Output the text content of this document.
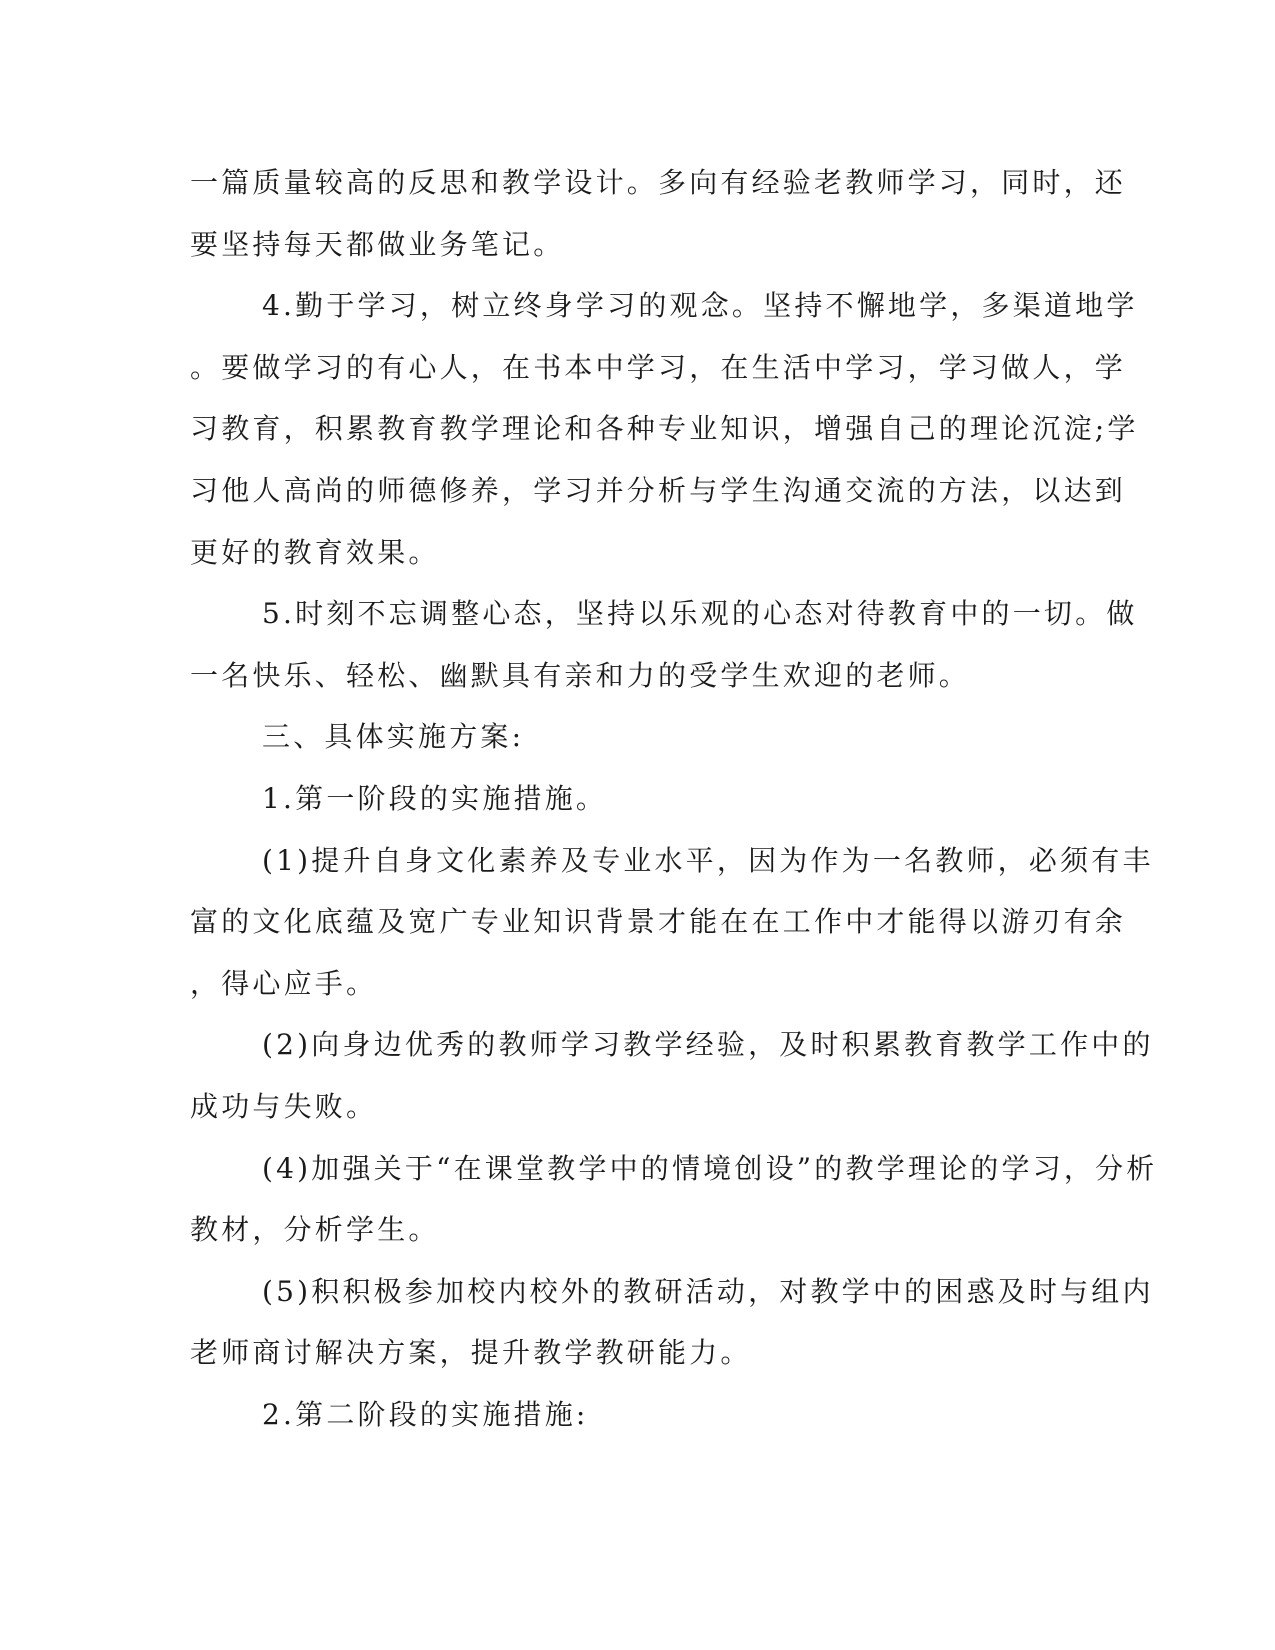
一篇质量较高的反思和教学设计。多向有经验老教师学习，同时，还
要坚持每天都做业务笔记。
4.勤于学习，树立终身学习的观念。坚持不懈地学，多渠道地学
。要做学习的有心人，在书本中学习，在生活中学习，学习做人，学
习教育，积累教育教学理论和各种专业知识，增强自己的理论沉淀;学
习他人高尚的师德修养，学习并分析与学生沟通交流的方法，以达到
更好的教育效果。
5.时刻不忘调整心态，坚持以乐观的心态对待教育中的一切。做
一名快乐、轻松、幽默具有亲和力的受学生欢迎的老师。
三、具体实施方案:
1.第一阶段的实施措施。
(1)提升自身文化素养及专业水平，因为作为一名教师，必须有丰
富的文化底蕴及宽广专业知识背景才能在在工作中才能得以游刃有余
，得心应手。
(2)向身边优秀的教师学习教学经验，及时积累教育教学工作中的
成功与失败。
(4)加强关于“在课堂教学中的情境创设”的教学理论的学习，分析
教材，分析学生。
(5)积积极参加校内校外的教研活动，对教学中的困惑及时与组内
老师商讨解决方案，提升教学教研能力。
2.第二阶段的实施措施:
